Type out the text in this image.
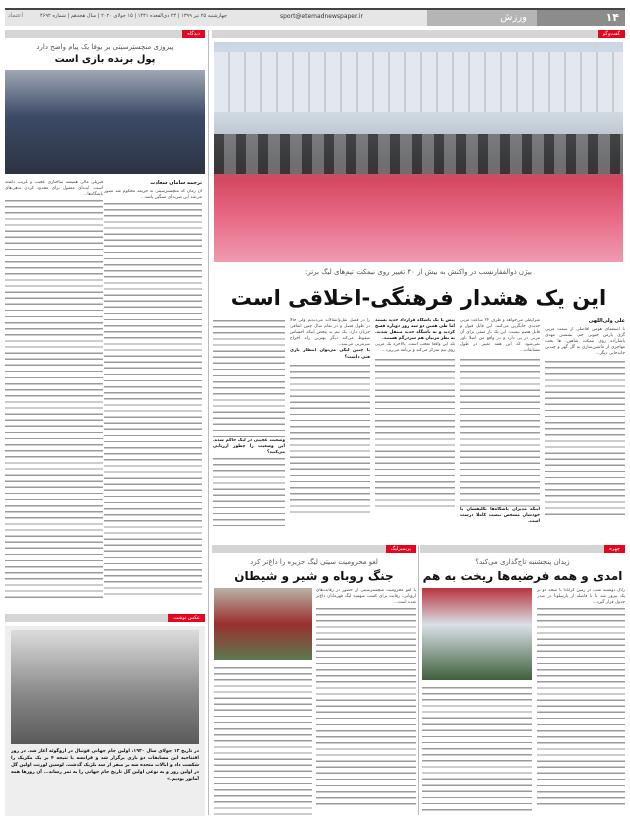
۱۴
ورزش
sport@etemadnewspaper.ir
چهارشنبه ۲۵ تیر ۱۳۹۹ | ۲۴ ذی‌القعده ۱۴۴۱ | ۱۵ جولای ۲۰۲۰ | سال هجدهم | شماره ۴۶۹۲
اعتماد
گفت‌وگو
بیژن ذوالفقارنسب در واکنش به بیش از ۴۰ تغییر روی نیمکت تیم‌های لیگ برتر:
این یک هشدار فرهنگی-اخلاقی است
علی ولی‌اللهی
با استعفای هومن افاضلی از سمت مربی گری پارس جنوبی جم، نشستن مهدی پاشازاده روی نیمکت شاهین، ها بحث مهاجری از ماشین‌سازی به گل گهر و چندین جابه‌جایی دیگر...
شرایطی می‌خواهد و ظرف ۲۴ ساعت مربی جدیدی جایگزین می‌کنند. این قابل قبول و قابل هضم نیست. این یک بار منفی برای آن مربی در پی دارد و در واقع من اصلا باور نمی‌شود که این همه تغییر در طول مسابقات...
اینکه مدیران باشگاه‌ها تکلیفشان با خودشان مشخص نیست کاملا درست است.
پیش یا یک باشگاه قرارداد جدید بستند اما طی همین دو سه روز دوباره فسخ کردند و به باشگاه جدید منتقل شدند. به نظر مربیان هم سردرگم هستند.
بله این واقعا تعجب است. بالاخره یک مربی روی تیم تمرکز می‌کند و برنامه می‌ریزد...
را در فصل نقل‌وانتقالات می‌دیدیم ولی حالا در طول فصل و در تمام سال چنین اتفاقی جریان دارد. یک تیم به محض اینکه احساس سقوط می‌کند دیگر بهترین راه اخراج سرمربی می‌بیند...
با چنین لیگی می‌توان انتظار بازی فنی داشت؟
وضعیت عجیبی در لیگ حاکم شده. این وضعیت را چطور ارزیابی می‌کنید؟
چهره
زیدان پنجشنبه تاج‌گذاری می‌کند؟
امدی و همه فرضیه‌ها ریخت به هم
رئال دوشنبه شب در زمین گرانادا با نتیجه دو بر یک پیروز شد تا با فاصله از بارسلونا در صدر جدول قرار گیرد...
پریمیرلیگ
لغو محرومیت سیتی لیگ جزیره را داغ‌تر کرد
جنگ روباه و شیر و شیطان
با لغو محرومیت منچسترسیتی از حضور در رقابت‌های اروپایی، رقابت برای کسب سهمیه لیگ قهرمانان داغ‌تر شده است...
دیدگاه
پیروزی منچسترسیتی بر یوفا یک پیام واضح دارد
پول برنده بازی است
ترجمه سامان سعادت
آن زمان که منچسترسیتی به جریمه محکوم شد تصور می‌شد این ضربه‌ای سنگین باشد...
فیرپلی مالی همیشه ساختاری عجیب و غریب داشته است. ایده‌ای معقول برای محدود کردن بدهی‌های باشگاه‌ها...
عکس نوشت
در تاریخ ۱۳ جولای سال ۱۹۳۰، اولین جام جهانی فوتبال در اروگوئه آغاز شد. در روز افتتاحیه این مسابقات دو بازی برگزار شد و فرانسه با نتیجه ۴ بر یک مکزیک را شکست داد و ایالات متحده سه بر صفر از سد بلژیک گذشت. لوسین لورنت اولین گل در اولین روز و به نوعی اولین گل تاریخ جام جهانی را به ثمر رساند... آن روزها همه آماتور بودیم.»
